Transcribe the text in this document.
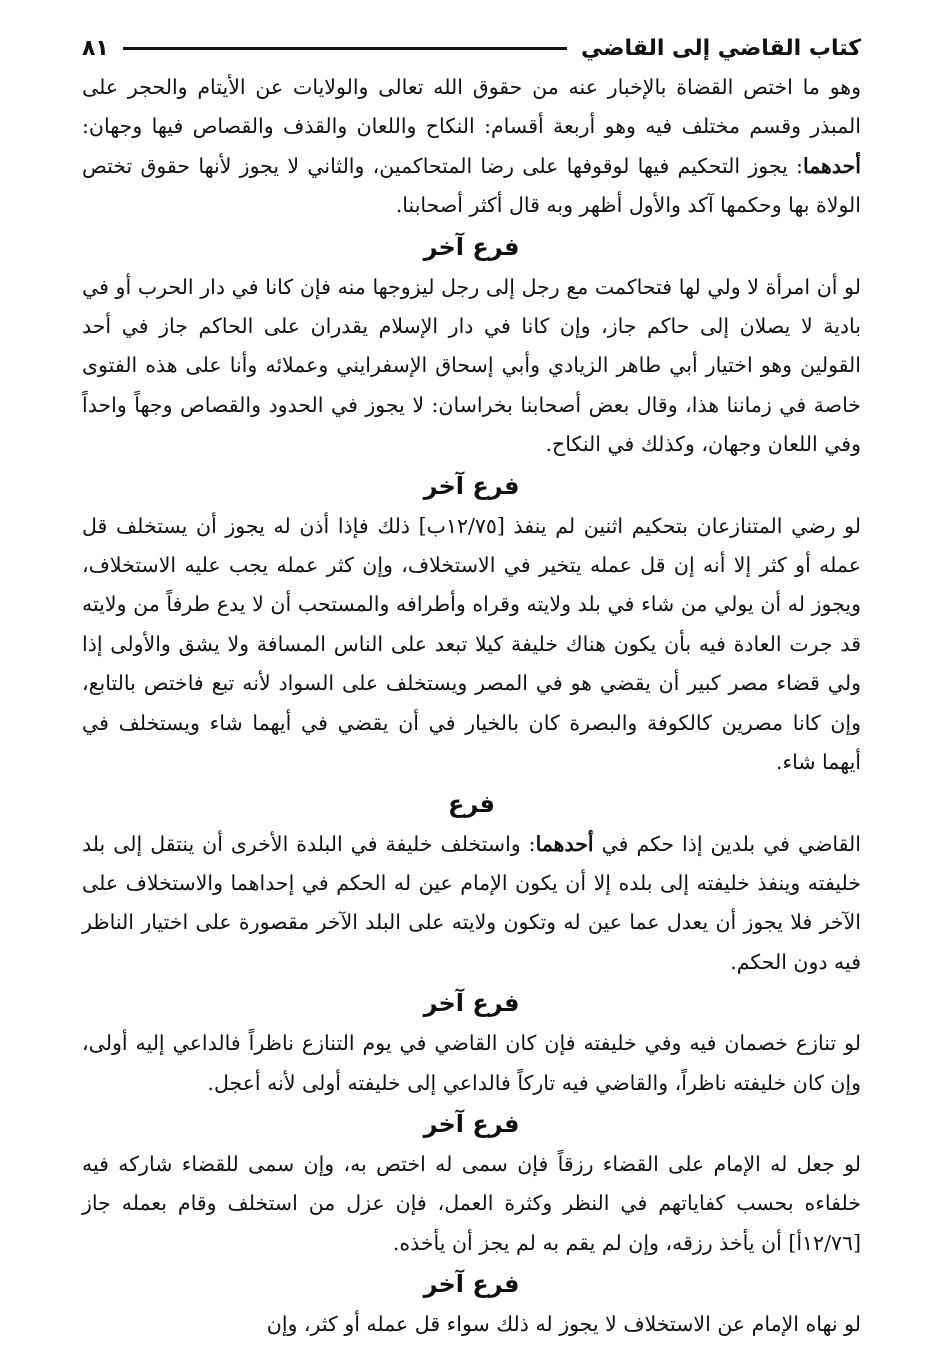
كتاب القاضي إلى القاضي
٨١

وهو ما اختص القضاة بالإخبار عنه من حقوق الله تعالى والولايات عن الأيتام والحجر على المبذر وقسم مختلف فيه وهو أربعة أقسام: النكاح واللعان والقذف والقصاص فيها وجهان: أحدهما: يجوز التحكيم فيها لوقوفها على رضا المتحاكمين، والثاني لا يجوز لأنها حقوق تختص الولاة بها وحكمها آكد والأول أظهر وبه قال أكثر أصحابنا.

فرع آخر

لو أن امرأة لا ولي لها فتحاكمت مع رجل إلى رجل ليزوجها منه فإن كانا في دار الحرب أو في بادية لا يصلان إلى حاكم جاز، وإن كانا في دار الإسلام يقدران على الحاكم جاز في أحد القولين وهو اختيار أبي طاهر الزيادي وأبي إسحاق الإسفرايني وعملائه وأنا على هذه الفتوى خاصة في زماننا هذا، وقال بعض أصحابنا بخراسان: لا يجوز في الحدود والقصاص وجهاً واحداً وفي اللعان وجهان، وكذلك في النكاح.

فرع آخر

لو رضي المتنازعان بتحكيم اثنين لم ينفذ [١٢/٧٥ب] ذلك فإذا أذن له يجوز أن يستخلف قل عمله أو كثر إلا أنه إن قل عمله يتخير في الاستخلاف، وإن كثر عمله يجب عليه الاستخلاف، ويجوز له أن يولي من شاء في بلد ولايته وقراه وأطرافه والمستحب أن لا يدع طرفاً من ولايته قد جرت العادة فيه بأن يكون هناك خليفة كيلا تبعد على الناس المسافة ولا يشق والأولى إذا ولي قضاء مصر كبير أن يقضي هو في المصر ويستخلف على السواد لأنه تبع فاختص بالتابع، وإن كانا مصرين كالكوفة والبصرة كان بالخيار في أن يقضي في أيهما شاء ويستخلف في أيهما شاء.

فرع

القاضي في بلدين إذا حكم في أحدهما: واستخلف خليفة في البلدة الأخرى أن ينتقل إلى بلد خليفته وينفذ خليفته إلى بلده إلا أن يكون الإمام عين له الحكم في إحداهما والاستخلاف على الآخر فلا يجوز أن يعدل عما عين له وتكون ولايته على البلد الآخر مقصورة على اختيار الناظر فيه دون الحكم.

فرع آخر

لو تنازع خصمان فيه وفي خليفته فإن كان القاضي في يوم التنازع ناظراً فالداعي إليه أولى، وإن كان خليفته ناظراً، والقاضي فيه تاركاً فالداعي إلى خليفته أولى لأنه أعجل.

فرع آخر

لو جعل له الإمام على القضاء رزقاً فإن سمى له اختص به، وإن سمى للقضاء شاركه فيه خلفاءه بحسب كفاياتهم في النظر وكثرة العمل، فإن عزل من استخلف وقام بعمله جاز [١٢/٧٦أ] أن يأخذ رزقه، وإن لم يقم به لم يجز أن يأخذه.

فرع آخر

لو نهاه الإمام عن الاستخلاف لا يجوز له ذلك سواء قل عمله أو كثر، وإن
